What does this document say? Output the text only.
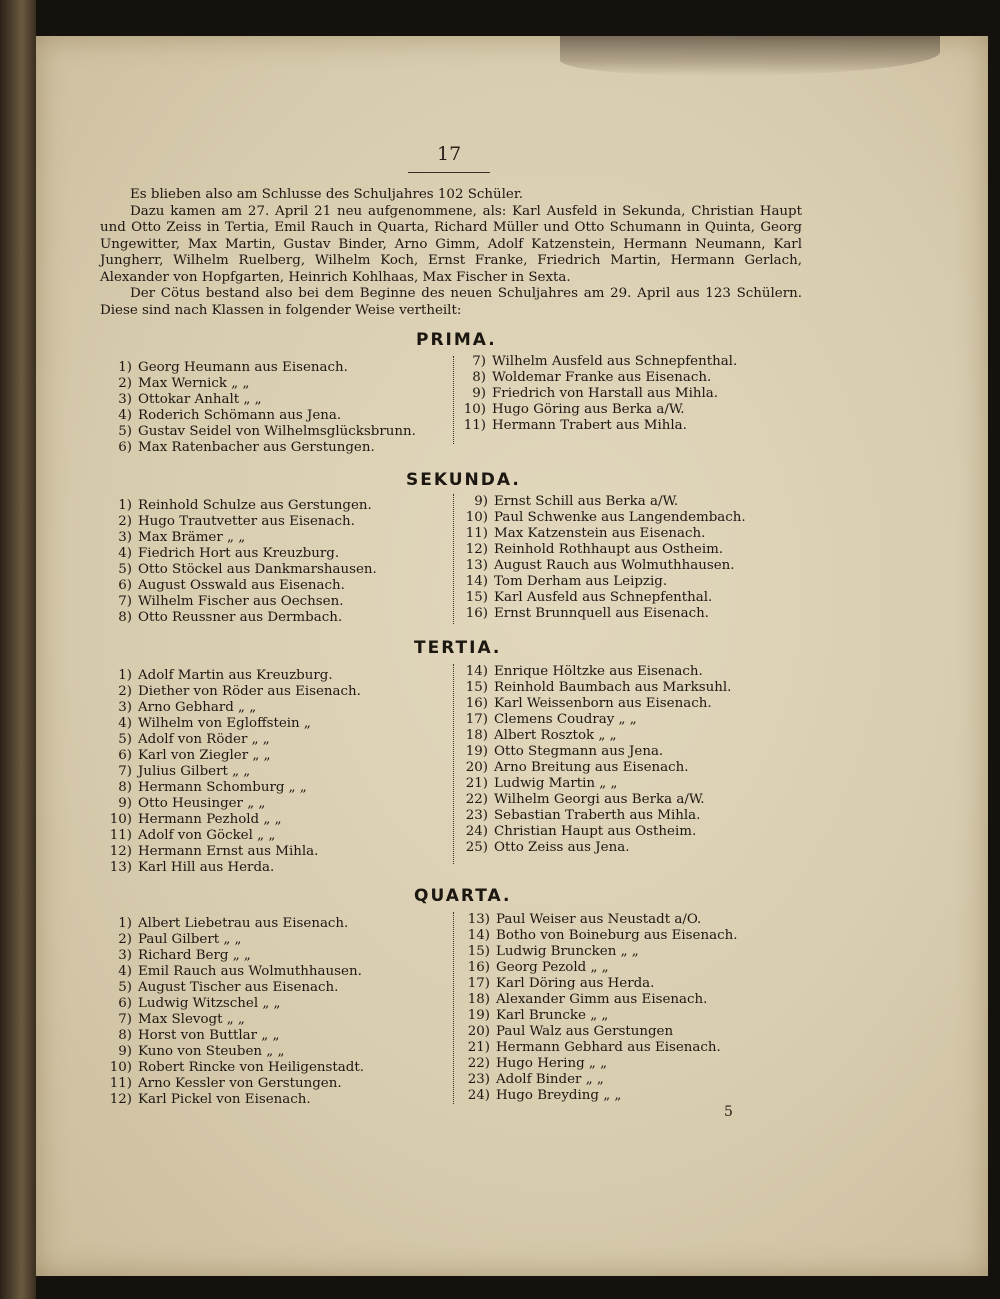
17

Es blieben also am Schlusse des Schuljahres 102 Schüler.

Dazu kamen am 27. April 21 neu aufgenommene, als: Karl Ausfeld in Sekunda, Christian Haupt und Otto Zeiss in Tertia, Emil Rauch in Quarta, Richard Müller und Otto Schumann in Quinta, Georg Ungewitter, Max Martin, Gustav Binder, Arno Gimm, Adolf Katzenstein, Hermann Neumann, Karl Jungherr, Wilhelm Ruelberg, Wilhelm Koch, Ernst Franke, Friedrich Martin, Hermann Gerlach, Alexander von Hopfgarten, Heinrich Kohlhaas, Max Fischer in Sexta.

Der Cötus bestand also bei dem Beginne des neuen Schuljahres am 29. April aus 123 Schülern. Diese sind nach Klassen in folgender Weise vertheilt:

PRIMA.
1) Georg Heumann aus Eisenach.
2) Max Wernick „ „
3) Ottokar Anhalt „ „
4) Roderich Schömann aus Jena.
5) Gustav Seidel von Wilhelmsglücksbrunn.
6) Max Ratenbacher aus Gerstungen.
7) Wilhelm Ausfeld aus Schnepfenthal.
8) Woldemar Franke aus Eisenach.
9) Friedrich von Harstall aus Mihla.
10) Hugo Göring aus Berka a/W.
11) Hermann Trabert aus Mihla.
SEKUNDA.
1) Reinhold Schulze aus Gerstungen.
2) Hugo Trautvetter aus Eisenach.
3) Max Brämer „ „
4) Fiedrich Hort aus Kreuzburg.
5) Otto Stöckel aus Dankmarshausen.
6) August Osswald aus Eisenach.
7) Wilhelm Fischer aus Oechsen.
8) Otto Reussner aus Dermbach.
9) Ernst Schill aus Berka a/W.
10) Paul Schwenke aus Langendembach.
11) Max Katzenstein aus Eisenach.
12) Reinhold Rothhaupt aus Ostheim.
13) August Rauch aus Wolmuthhausen.
14) Tom Derham aus Leipzig.
15) Karl Ausfeld aus Schnepfenthal.
16) Ernst Brunnquell aus Eisenach.
TERTIA.
1) Adolf Martin aus Kreuzburg.
2) Diether von Röder aus Eisenach.
3) Arno Gebhard „ „
4) Wilhelm von Egloffstein „
5) Adolf von Röder „ „
6) Karl von Ziegler „ „
7) Julius Gilbert „ „
8) Hermann Schomburg „ „
9) Otto Heusinger „ „
10) Hermann Pezhold „ „
11) Adolf von Göckel „ „
12) Hermann Ernst aus Mihla.
13) Karl Hill aus Herda.
14) Enrique Höltzke aus Eisenach.
15) Reinhold Baumbach aus Marksuhl.
16) Karl Weissenborn aus Eisenach.
17) Clemens Coudray „ „
18) Albert Rosztok „ „
19) Otto Stegmann aus Jena.
20) Arno Breitung aus Eisenach.
21) Ludwig Martin „ „
22) Wilhelm Georgi aus Berka a/W.
23) Sebastian Traberth aus Mihla.
24) Christian Haupt aus Ostheim.
25) Otto Zeiss aus Jena.
QUARTA.
1) Albert Liebetrau aus Eisenach.
2) Paul Gilbert „ „
3) Richard Berg „ „
4) Emil Rauch aus Wolmuthhausen.
5) August Tischer aus Eisenach.
6) Ludwig Witzschel „ „
7) Max Slevogt „ „
8) Horst von Buttlar „ „
9) Kuno von Steuben „ „
10) Robert Rincke von Heiligenstadt.
11) Arno Kessler von Gerstungen.
12) Karl Pickel von Eisenach.
13) Paul Weiser aus Neustadt a/O.
14) Botho von Boineburg aus Eisenach.
15) Ludwig Bruncken „ „
16) Georg Pezold „ „
17) Karl Döring aus Herda.
18) Alexander Gimm aus Eisenach.
19) Karl Bruncke „ „
20) Paul Walz aus Gerstungen
21) Hermann Gebhard aus Eisenach.
22) Hugo Hering „ „
23) Adolf Binder „ „
24) Hugo Breyding „ „
5
